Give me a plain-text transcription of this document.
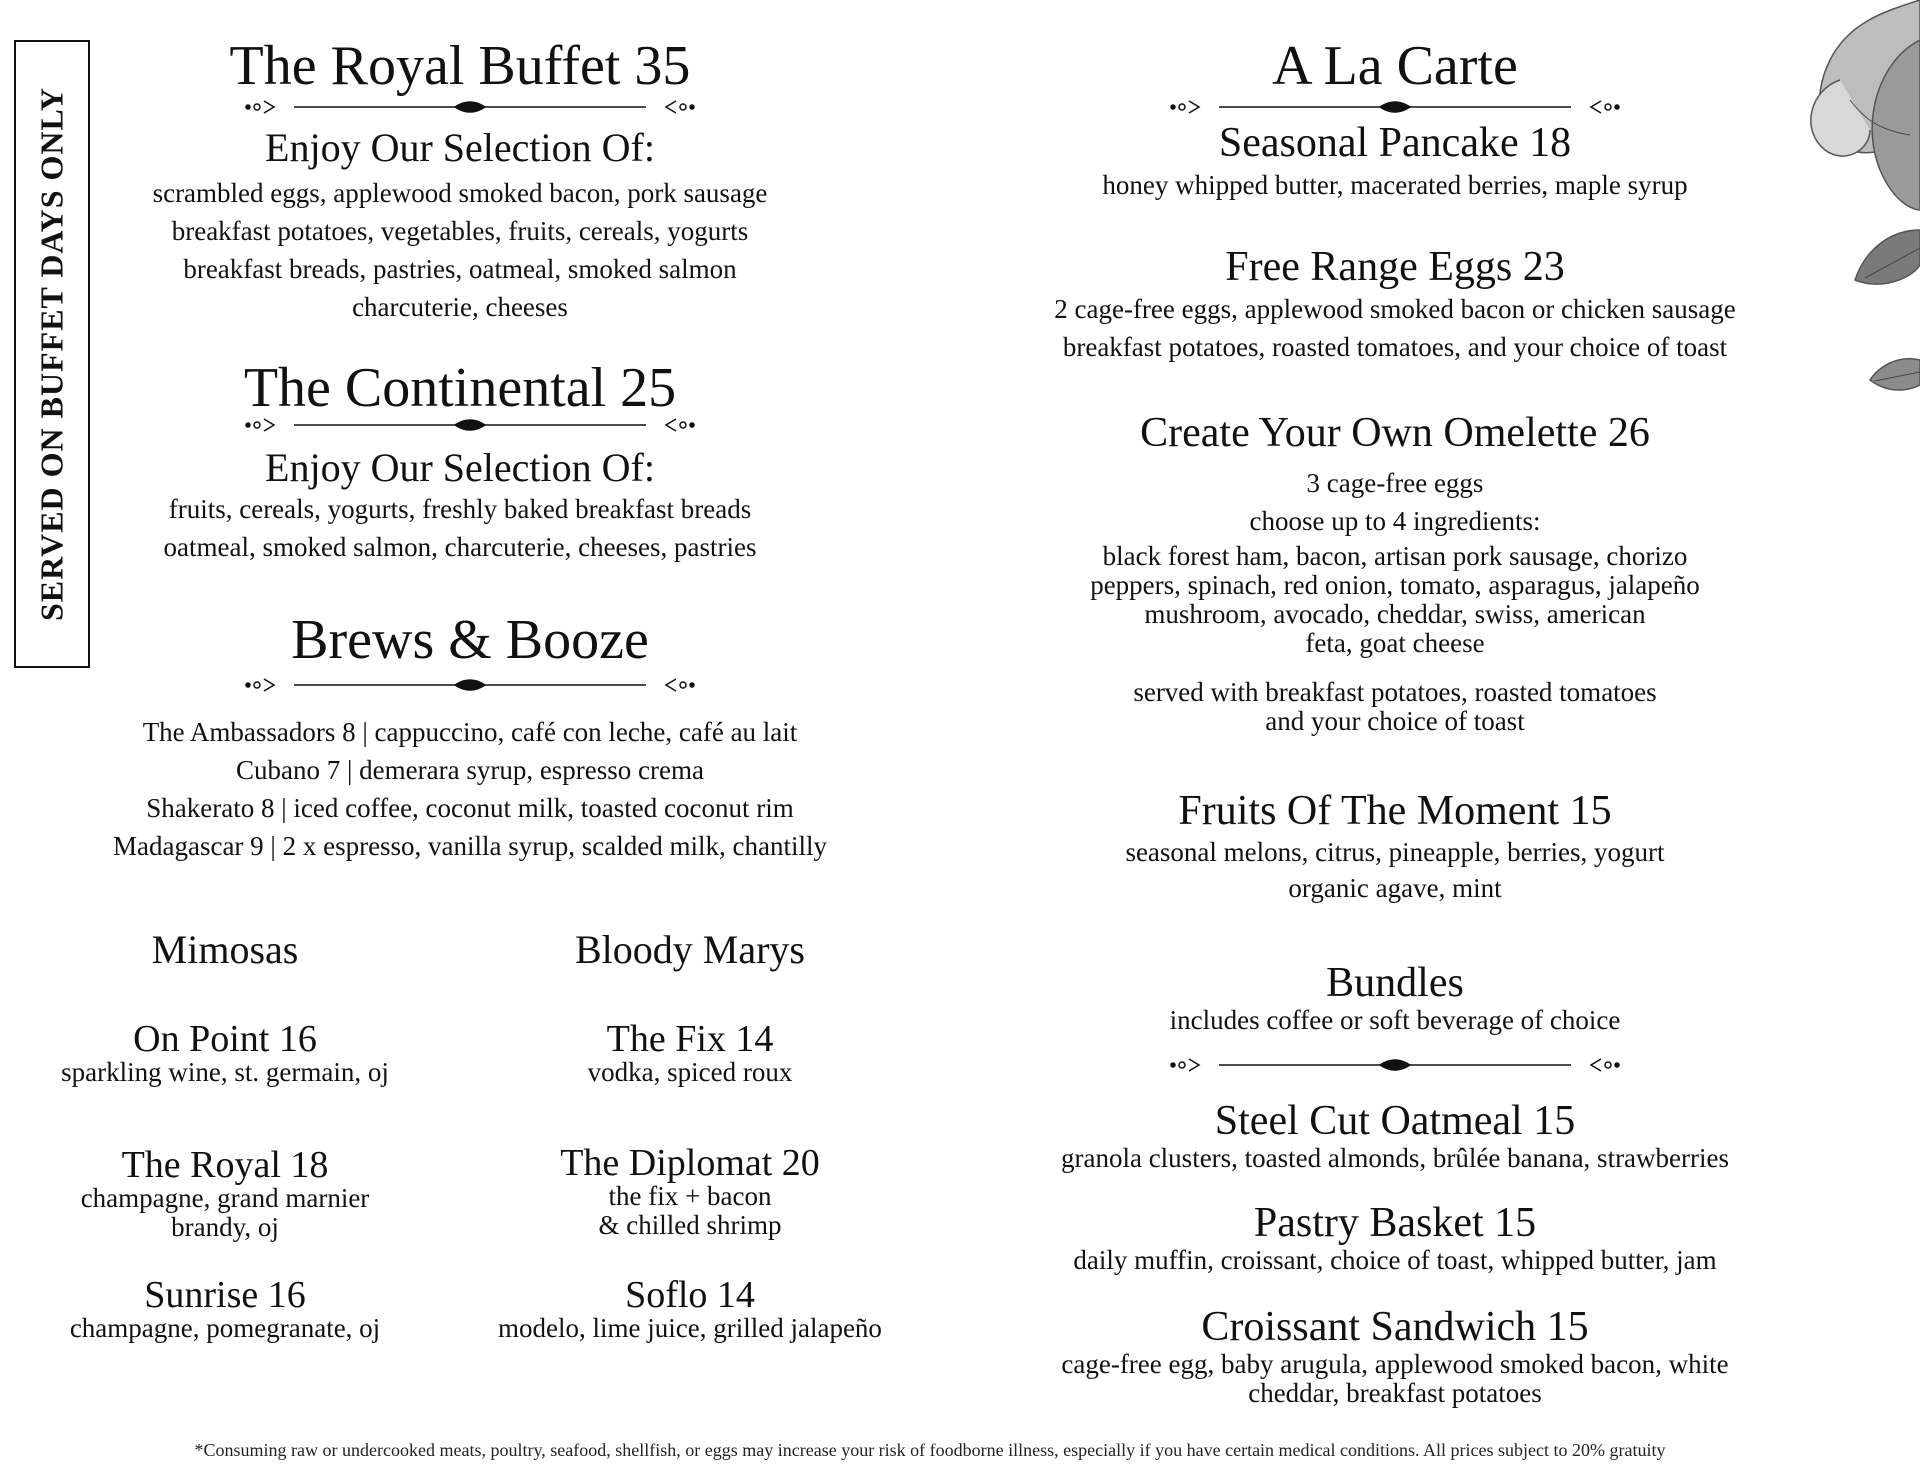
SERVED ON BUFFET DAYS ONLY
The Royal Buffet 35
Enjoy Our Selection Of:
scrambled eggs, applewood smoked bacon, pork sausage
breakfast potatoes, vegetables, fruits, cereals, yogurts
breakfast breads, pastries, oatmeal, smoked salmon
charcuterie, cheeses
The Continental 25
Enjoy Our Selection Of:
fruits, cereals, yogurts, freshly baked breakfast breads
oatmeal, smoked salmon, charcuterie, cheeses, pastries
Brews & Booze
The Ambassadors 8 | cappuccino, café con leche, café au lait
Cubano 7 | demerara syrup, espresso crema
Shakerato 8 | iced coffee, coconut milk, toasted coconut rim
Madagascar 9 | 2 x espresso, vanilla syrup, scalded milk, chantilly
Mimosas
On Point 16
sparkling wine, st. germain, oj
The Royal 18
champagne, grand marnier
brandy, oj
Sunrise 16
champagne, pomegranate, oj
Bloody Marys
The Fix 14
vodka, spiced roux
The Diplomat 20
the fix + bacon
& chilled shrimp
Soflo 14
modelo, lime juice, grilled jalapeño
A La Carte
Seasonal Pancake 18
honey whipped butter, macerated berries, maple syrup
Free Range Eggs 23
2 cage-free eggs, applewood smoked bacon or chicken sausage
breakfast potatoes, roasted tomatoes, and your choice of toast
Create Your Own Omelette 26
3 cage-free eggs
choose up to 4 ingredients:
black forest ham, bacon, artisan pork sausage, chorizo
peppers, spinach, red onion, tomato, asparagus, jalapeño
mushroom, avocado, cheddar, swiss, american
feta, goat cheese
served with breakfast potatoes, roasted tomatoes
and your choice of toast
Fruits Of The Moment 15
seasonal melons, citrus, pineapple, berries, yogurt
organic agave, mint
Bundles
includes coffee or soft beverage of choice
Steel Cut Oatmeal 15
granola clusters, toasted almonds, brûlée banana, strawberries
Pastry Basket 15
daily muffin, croissant, choice of toast, whipped butter, jam
Croissant Sandwich 15
cage-free egg, baby arugula, applewood smoked bacon, white
cheddar, breakfast potatoes
*Consuming raw or undercooked meats, poultry, seafood, shellfish, or eggs may increase your risk of foodborne illness, especially if you have certain medical conditions. All prices subject to 20% gratuity
